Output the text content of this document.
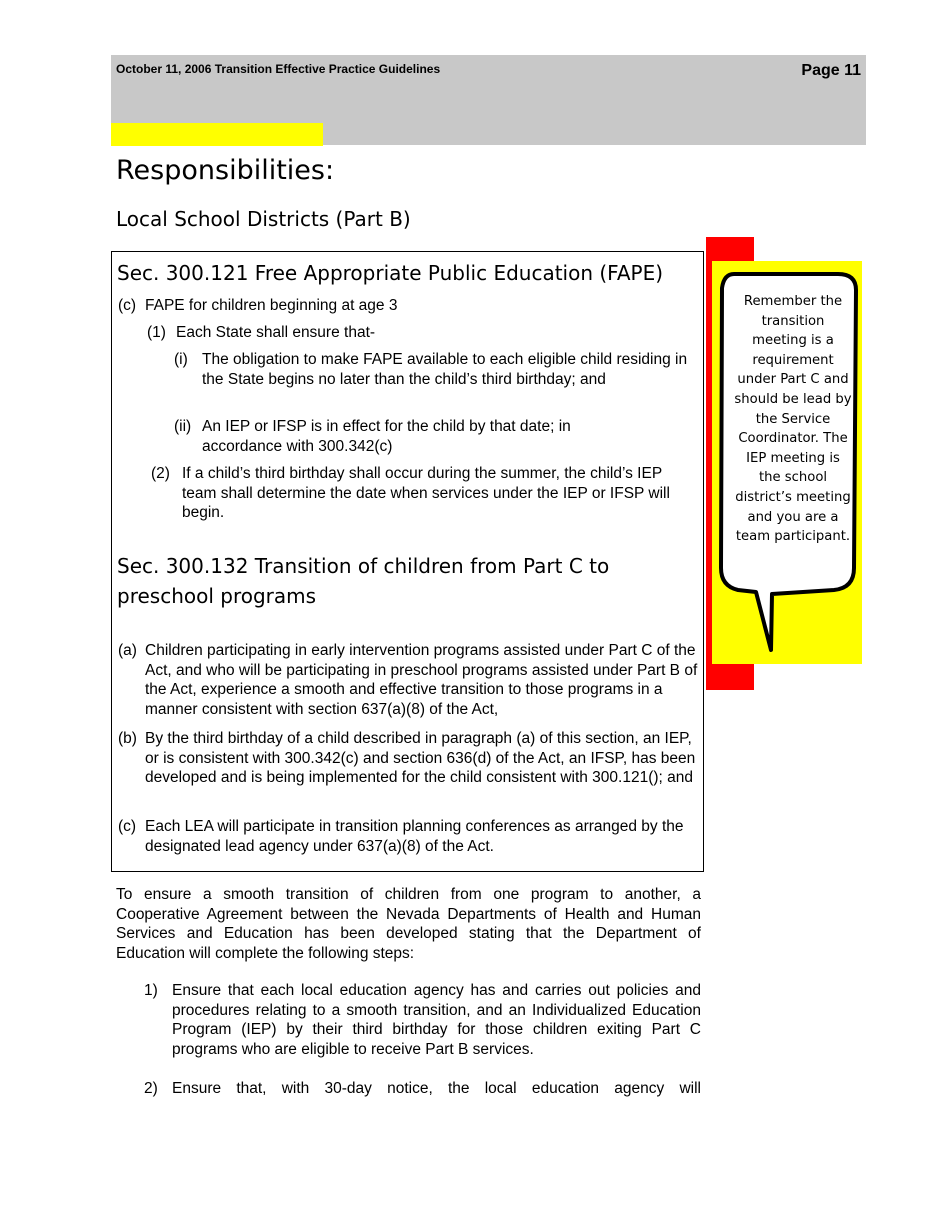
October 11, 2006 Transition Effective Practice Guidelines	Page 11
Responsibilities:
Local School Districts (Part B)
Sec. 300.121 Free Appropriate Public Education (FAPE)
(c) FAPE for children beginning at age 3
(1) Each State shall ensure that-
(i) The obligation to make FAPE available to each eligible child residing in the State begins no later than the child’s third birthday; and
(ii) An IEP or IFSP is in effect for the child by that date; in accordance with 300.342(c)
(2) If a child’s third birthday shall occur during the summer, the child’s IEP team shall determine the date when services under the IEP or IFSP will begin.
Sec. 300.132 Transition of children from Part C to preschool programs
(a) Children participating in early intervention programs assisted under Part C of the Act, and who will be participating in preschool programs assisted under Part B of the Act, experience a smooth and effective transition to those programs in a manner consistent with section 637(a)(8) of the Act,
(b) By the third birthday of a child described in paragraph (a) of this section, an IEP, or is consistent with 300.342(c) and section 636(d) of the Act, an IFSP, has been developed and is being implemented for the child consistent with 300.121(); and
(c) Each LEA will participate in transition planning conferences as arranged by the designated lead agency under 637(a)(8) of the Act.
To ensure a smooth transition of children from one program to another, a Cooperative Agreement between the Nevada Departments of Health and Human Services and Education has been developed stating that the Department of Education will complete the following steps:
1) Ensure that each local education agency has and carries out policies and procedures relating to a smooth transition, and an Individualized Education Program (IEP) by their third birthday for those children exiting Part C programs who are eligible to receive Part B services.
2) Ensure that, with 30-day notice, the local education agency will
Remember the transition meeting is a requirement under Part C and should be lead by the Service Coordinator. The IEP meeting is the school district’s meeting and you are a team participant.
